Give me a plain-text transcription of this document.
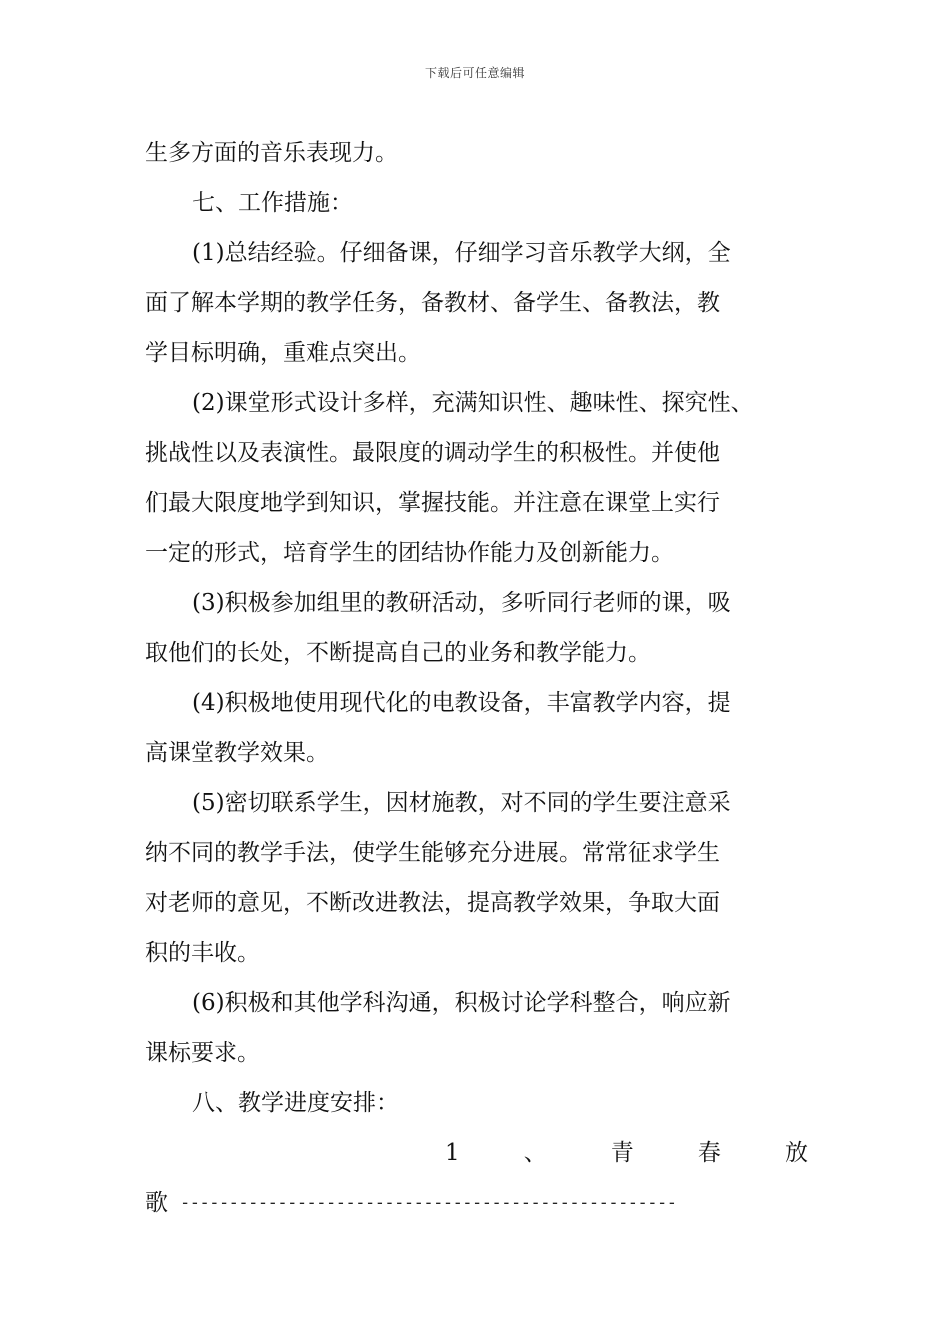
下载后可任意编辑
生多方面的音乐表现力。
七、工作措施：
(1)总结经验。仔细备课，仔细学习音乐教学大纲，全
面了解本学期的教学任务，备教材、备学生、备教法，教
学目标明确，重难点突出。
(2)课堂形式设计多样，充满知识性、趣味性、探究性、
挑战性以及表演性。最限度的调动学生的积极性。并使他
们最大限度地学到知识，掌握技能。并注意在课堂上实行
一定的形式，培育学生的团结协作能力及创新能力。
(3)积极参加组里的教研活动，多听同行老师的课，吸
取他们的长处，不断提高自己的业务和教学能力。
(4)积极地使用现代化的电教设备，丰富教学内容，提
高课堂教学效果。
(5)密切联系学生，因材施教，对不同的学生要注意采
纳不同的教学手法，使学生能够充分进展。常常征求学生
对老师的意见，不断改进教法，提高教学效果，争取大面
积的丰收。
(6)积极和其他学科沟通，积极讨论学科整合，响应新
课标要求。
八、教学进度安排：
1	、	青	春	放
歌 ---------------------------------------------------
